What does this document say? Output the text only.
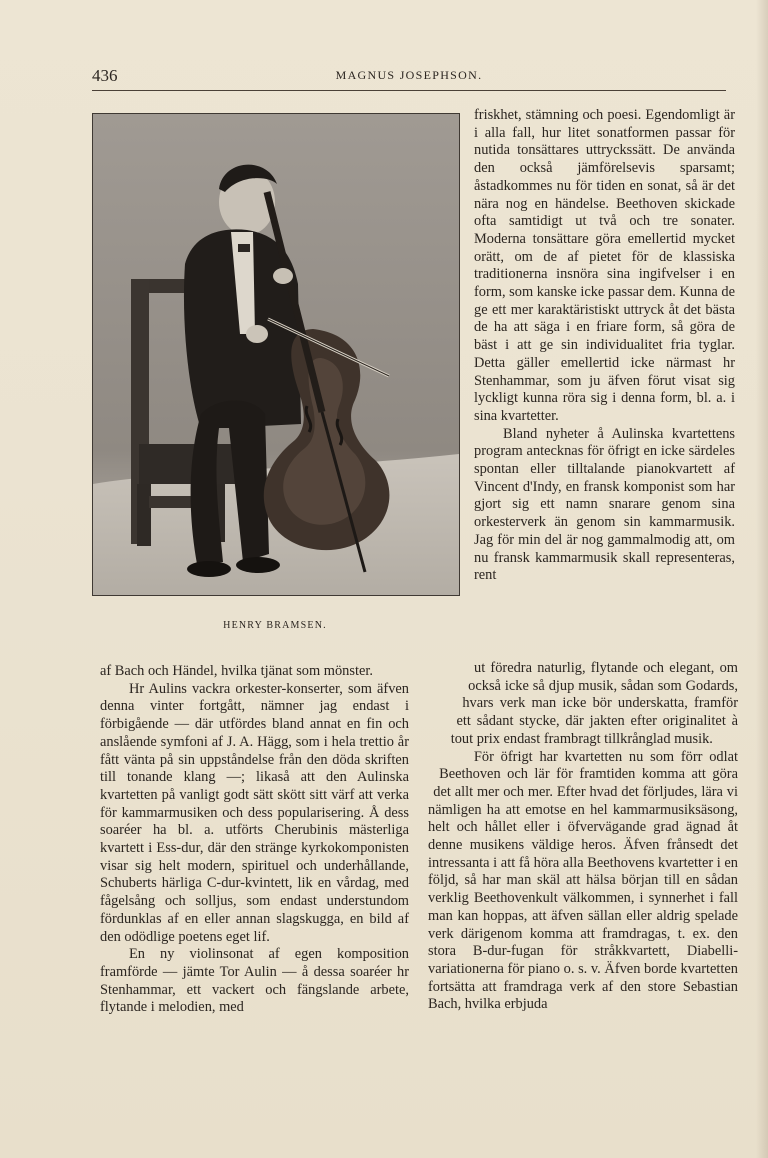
436	MAGNUS JOSEPHSON.

HENRY BRAMSEN.

friskhet, stämning och poesi. Egendomligt är i alla fall, hur litet sonatformen passar för nutida tonsättares uttryckssätt. De använda den också jämförelsevis sparsamt; åstadkommes nu för tiden en sonat, så är det nära nog en händelse. Beethoven skickade ofta samtidigt ut två och tre sonater. Moderna tonsättare göra emellertid mycket orätt, om de af pietet för de klassiska traditionerna insnöra sina ingifvelser i en form, som kanske icke passar dem. Kunna de ge ett mer karaktäristiskt uttryck åt det bästa de ha att säga i en friare form, så göra de bäst i att ge sin individualitet fria tyglar. Detta gäller emellertid icke närmast hr Stenhammar, som ju äfven förut visat sig lyckligt kunna röra sig i denna form, bl. a. i sina kvartetter.

Bland nyheter å Aulinska kvartettens program antecknas för öfrigt en icke särdeles spontan eller tilltalande pianokvartett af Vincent d'Indy, en fransk komponist som har gjort sig ett namn snarare genom sina orkesterverk än genom sin kammarmusik. Jag för min del är nog gammalmodig att, om nu fransk kammarmusik skall representeras, rent

ut föredra naturlig, flytande och elegant, om också icke så djup musik, sådan som Godards, hvars verk man icke bör underskatta, framför ett sådant stycke, där jakten efter originalitet à tout prix endast frambragt tillkrånglad musik.

För öfrigt har kvartetten nu som förr odlat Beethoven och lär för framtiden komma att göra det allt mer och mer. Efter hvad det förljudes, lära vi nämligen ha att emotse en hel kammarmusiksäsong, helt och hållet eller i öfvervägande grad ägnad åt denne musikens väldige heros. Äfven frånsedt det intressanta i att få höra alla Beethovens kvartetter i en följd, så har man skäl att hälsa början till en sådan verklig Beethovenkult välkommen, i synnerhet i fall man kan hoppas, att äfven sällan eller aldrig spelade verk därigenom komma att framdragas, t. ex. den stora B-dur-fugan för stråkkvartett, Diabelli-variationerna för piano o. s. v. Äfven borde kvartetten fortsätta att framdraga verk af den store Sebastian Bach, hvilka erbjuda

af Bach och Händel, hvilka tjänat som mönster.

Hr Aulins vackra orkester-konserter, som äfven denna vinter fortgått, nämner jag endast i förbigående — där utfördes bland annat en fin och anslående symfoni af J. A. Hägg, som i hela trettio år fått vänta på sin uppståndelse från den döda skriften till tonande klang —; likaså att den Aulinska kvartetten på vanligt godt sätt skött sitt värf att verka för kammarmusiken och dess popularisering. Å dess soaréer ha bl. a. utförts Cherubinis mästerliga kvartett i Ess-dur, där den stränge kyrkokomponisten visar sig helt modern, spirituel och underhållande, Schuberts härliga C-dur-kvintett, lik en vårdag, med fågelsång och solljus, som endast understundom fördunklas af en eller annan slagskugga, en bild af den odödlige poetens eget lif.

En ny violinsonat af egen komposition framförde — jämte Tor Aulin — å dessa soaréer hr Stenhammar, ett vackert och fängslande arbete, flytande i melodien, med
